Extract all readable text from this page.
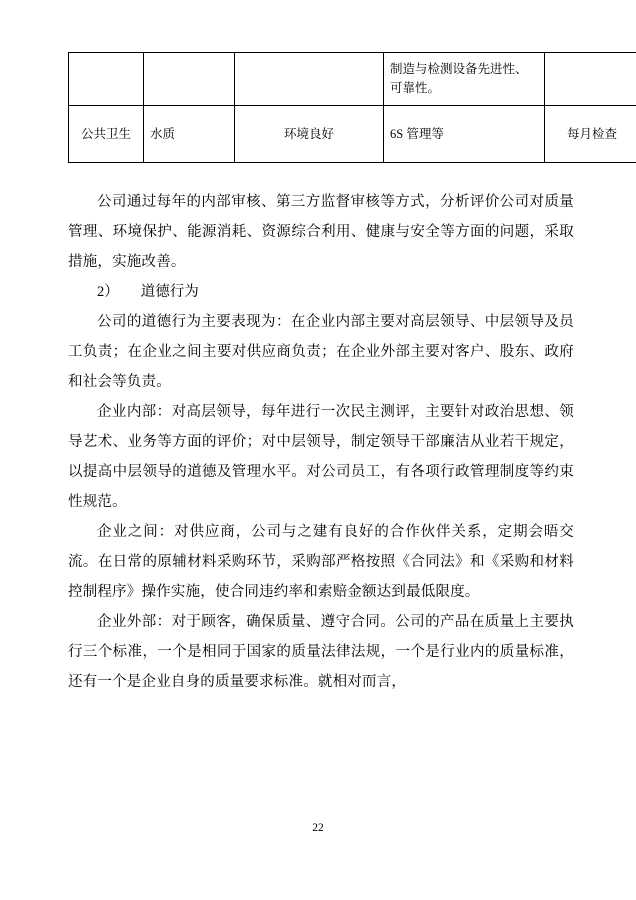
			制造与检测设备先进性、可靠性。	
公共卫生	水质	环境良好	6S 管理等	每月检查

公司通过每年的内部审核、第三方监督审核等方式，分析评价公司对质量管理、环境保护、能源消耗、资源综合利用、健康与安全等方面的问题，采取措施，实施改善。

2） 道德行为

公司的道德行为主要表现为：在企业内部主要对高层领导、中层领导及员工负责；在企业之间主要对供应商负责；在企业外部主要对客户、股东、政府和社会等负责。

企业内部：对高层领导，每年进行一次民主测评，主要针对政治思想、领导艺术、业务等方面的评价；对中层领导，制定领导干部廉洁从业若干规定，以提高中层领导的道德及管理水平。对公司员工，有各项行政管理制度等约束性规范。

企业之间：对供应商，公司与之建有良好的合作伙伴关系，定期会晤交流。在日常的原辅材料采购环节，采购部严格按照《合同法》和《采购和材料控制程序》操作实施，使合同违约率和索赔金额达到最低限度。

企业外部：对于顾客，确保质量、遵守合同。公司的产品在质量上主要执行三个标准，一个是相同于国家的质量法律法规，一个是行业内的质量标准，还有一个是企业自身的质量要求标准。就相对而言，

22
